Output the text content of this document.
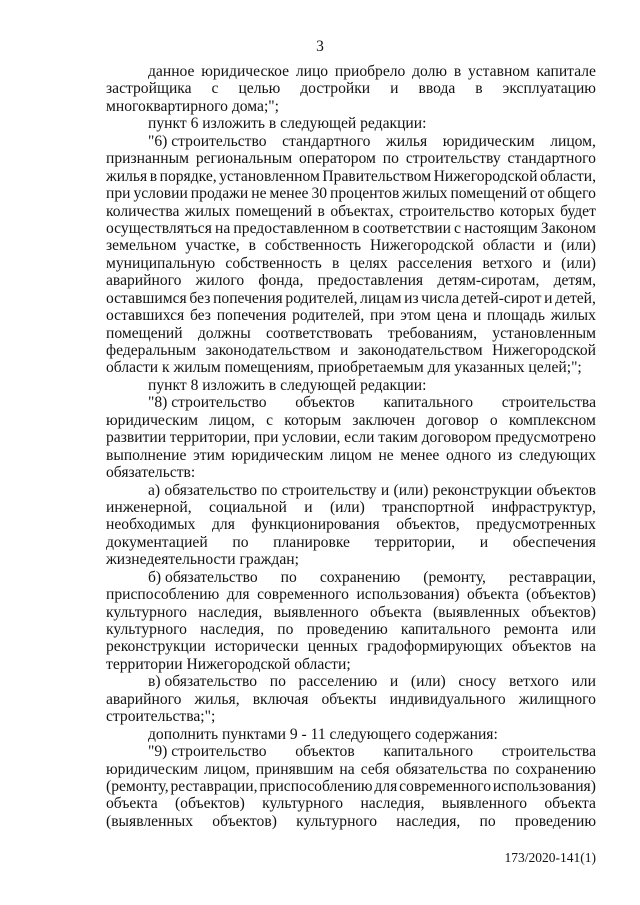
3
данное юридическое лицо приобрело долю в уставном капитале
застройщика с целью достройки и ввода в эксплуатацию
многоквартирного дома;";
пункт 6 изложить в следующей редакции:
"6) строительство стандартного жилья юридическим лицом,
признанным региональным оператором по строительству стандартного
жилья в порядке, установленном Правительством Нижегородской области,
при условии продажи не менее 30 процентов жилых помещений от общего
количества жилых помещений в объектах, строительство которых будет
осуществляться на предоставленном в соответствии с настоящим Законом
земельном участке, в собственность Нижегородской области и (или)
муниципальную собственность в целях расселения ветхого и (или)
аварийного жилого фонда, предоставления детям-сиротам, детям,
оставшимся без попечения родителей, лицам из числа детей-сирот и детей,
оставшихся без попечения родителей, при этом цена и площадь жилых
помещений должны соответствовать требованиям, установленным
федеральным законодательством и законодательством Нижегородской
области к жилым помещениям, приобретаемым для указанных целей;";
пункт 8 изложить в следующей редакции:
"8) строительство объектов капитального строительства
юридическим лицом, с которым заключен договор о комплексном
развитии территории, при условии, если таким договором предусмотрено
выполнение этим юридическим лицом не менее одного из следующих
обязательств:
а) обязательство по строительству и (или) реконструкции объектов
инженерной, социальной и (или) транспортной инфраструктур,
необходимых для функционирования объектов, предусмотренных
документацией по планировке территории, и обеспечения
жизнедеятельности граждан;
б) обязательство по сохранению (ремонту, реставрации,
приспособлению для современного использования) объекта (объектов)
культурного наследия, выявленного объекта (выявленных объектов)
культурного наследия, по проведению капитального ремонта или
реконструкции исторически ценных градоформирующих объектов на
территории Нижегородской области;
в) обязательство по расселению и (или) сносу ветхого или
аварийного жилья, включая объекты индивидуального жилищного
строительства;";
дополнить пунктами 9 - 11 следующего содержания:
"9) строительство объектов капитального строительства
юридическим лицом, принявшим на себя обязательства по сохранению
(ремонту, реставрации, приспособлению для современного использования)
объекта (объектов) культурного наследия, выявленного объекта
(выявленных объектов) культурного наследия, по проведению
173/2020-141(1)
